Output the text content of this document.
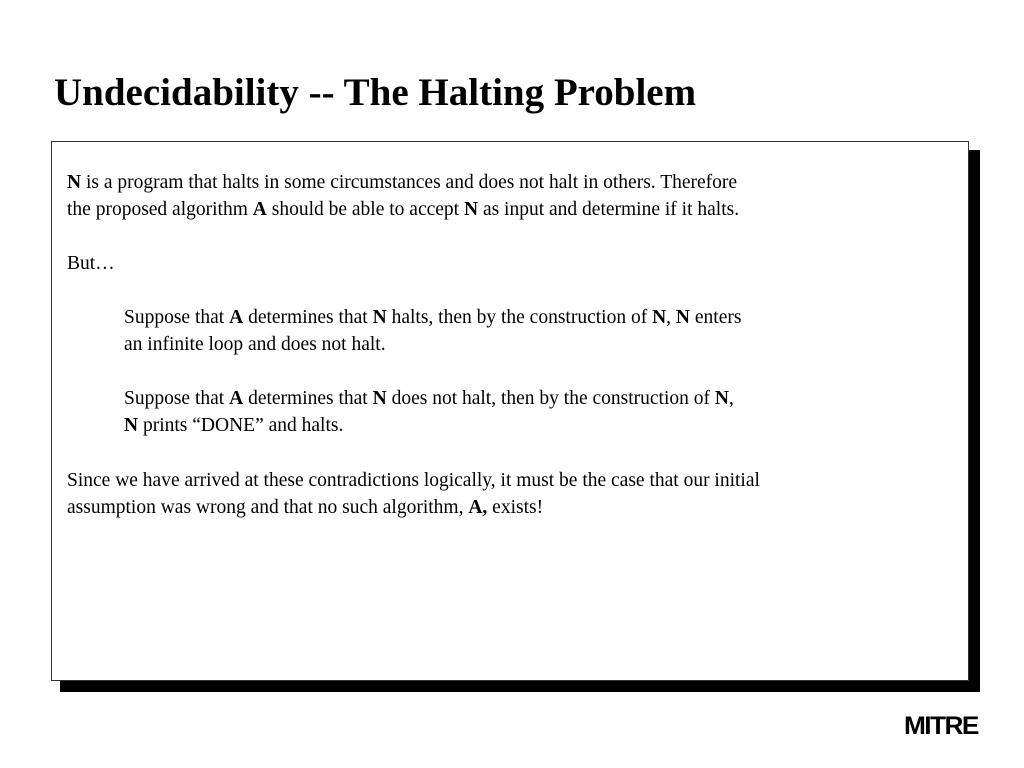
Undecidability -- The Halting Problem
N is a program that halts in some circumstances and does not halt in others. Therefore
the proposed algorithm A should be able to accept N as input and determine if it halts.
But…
Suppose that A determines that N halts, then by the construction of N, N enters
an infinite loop and does not halt.
Suppose that A determines that N does not halt, then by the construction of N,
N prints “DONE” and halts.
Since we have arrived at these contradictions logically, it must be the case that our initial
assumption was wrong and that no such algorithm, A, exists!
MITRE
